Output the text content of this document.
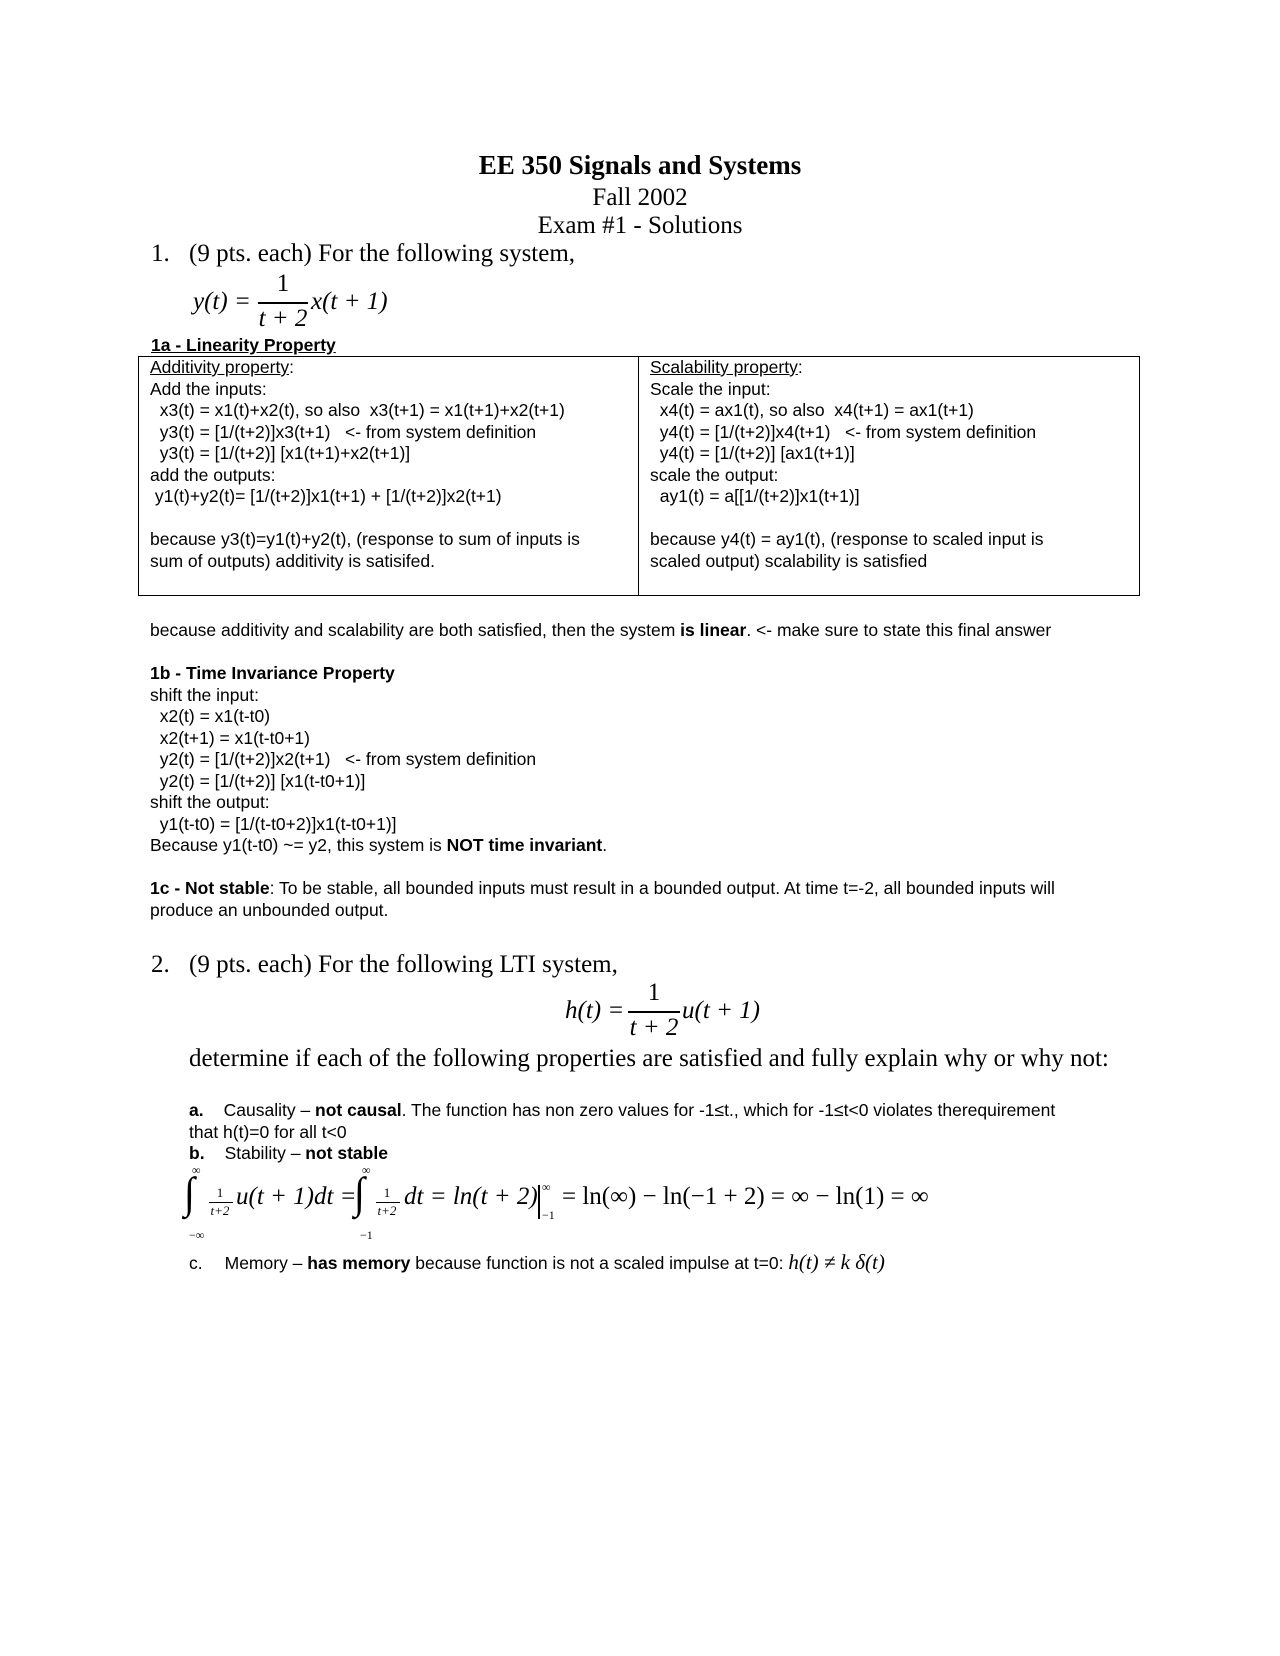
EE 350 Signals and Systems
Fall 2002
Exam #1 - Solutions
1. (9 pts. each) For the following system,
y(t) =
1
t + 2
x(t + 1)
1a - Linearity Property
Additivity property:
Add the inputs:
x3(t) = x1(t)+x2(t), so also  x3(t+1) = x1(t+1)+x2(t+1)
y3(t) = [1/(t+2)]x3(t+1)   <- from system definition
y3(t) = [1/(t+2)] [x1(t+1)+x2(t+1)]
add the outputs:
y1(t)+y2(t)= [1/(t+2)]x1(t+1) + [1/(t+2)]x2(t+1)

because y3(t)=y1(t)+y2(t), (response to sum of inputs is
sum of outputs) additivity is satisifed.
Scalability property:
Scale the input:
x4(t) = ax1(t), so also  x4(t+1) = ax1(t+1)
y4(t) = [1/(t+2)]x4(t+1)   <- from system definition
y4(t) = [1/(t+2)] [ax1(t+1)]
scale the output:
ay1(t) = a[[1/(t+2)]x1(t+1)]

because y4(t) = ay1(t), (response to scaled input is
scaled output) scalability is satisfied
because additivity and scalability are both satisfied, then the system is linear. <- make sure to state this final answer
1b - Time Invariance Property
shift the input:
x2(t) = x1(t-t0)
x2(t+1) = x1(t-t0+1)
y2(t) = [1/(t+2)]x2(t+1)   <- from system definition
y2(t) = [1/(t+2)] [x1(t-t0+1)]
shift the output:
y1(t-t0) = [1/(t-t0+2)]x1(t-t0+1)]
Because y1(t-t0) ~= y2, this system is NOT time invariant.
1c - Not stable: To be stable, all bounded inputs must result in a bounded output. At time t=-2, all bounded inputs will
produce an unbounded output.
2. (9 pts. each) For the following LTI system,
h(t) =
1
t + 2
u(t + 1)
determine if each of the following properties are satisfied and fully explain why or why not:
a. Causality – not causal. The function has non zero values for -1≤t., which for -1≤t<0 violates therequirement
that h(t)=0 for all t<0
b. Stability – not stable
∞
∫
−∞
1
t+2
u(t + 1)dt =
∞
∫
−1
1
t+2
dt = ln(t + 2) ∞
−1
= ln(∞) − ln(−1 + 2) = ∞ − ln(1) = ∞
c. Memory – has memory because function is not a scaled impulse at t=0: h(t) ≠ k δ(t)
